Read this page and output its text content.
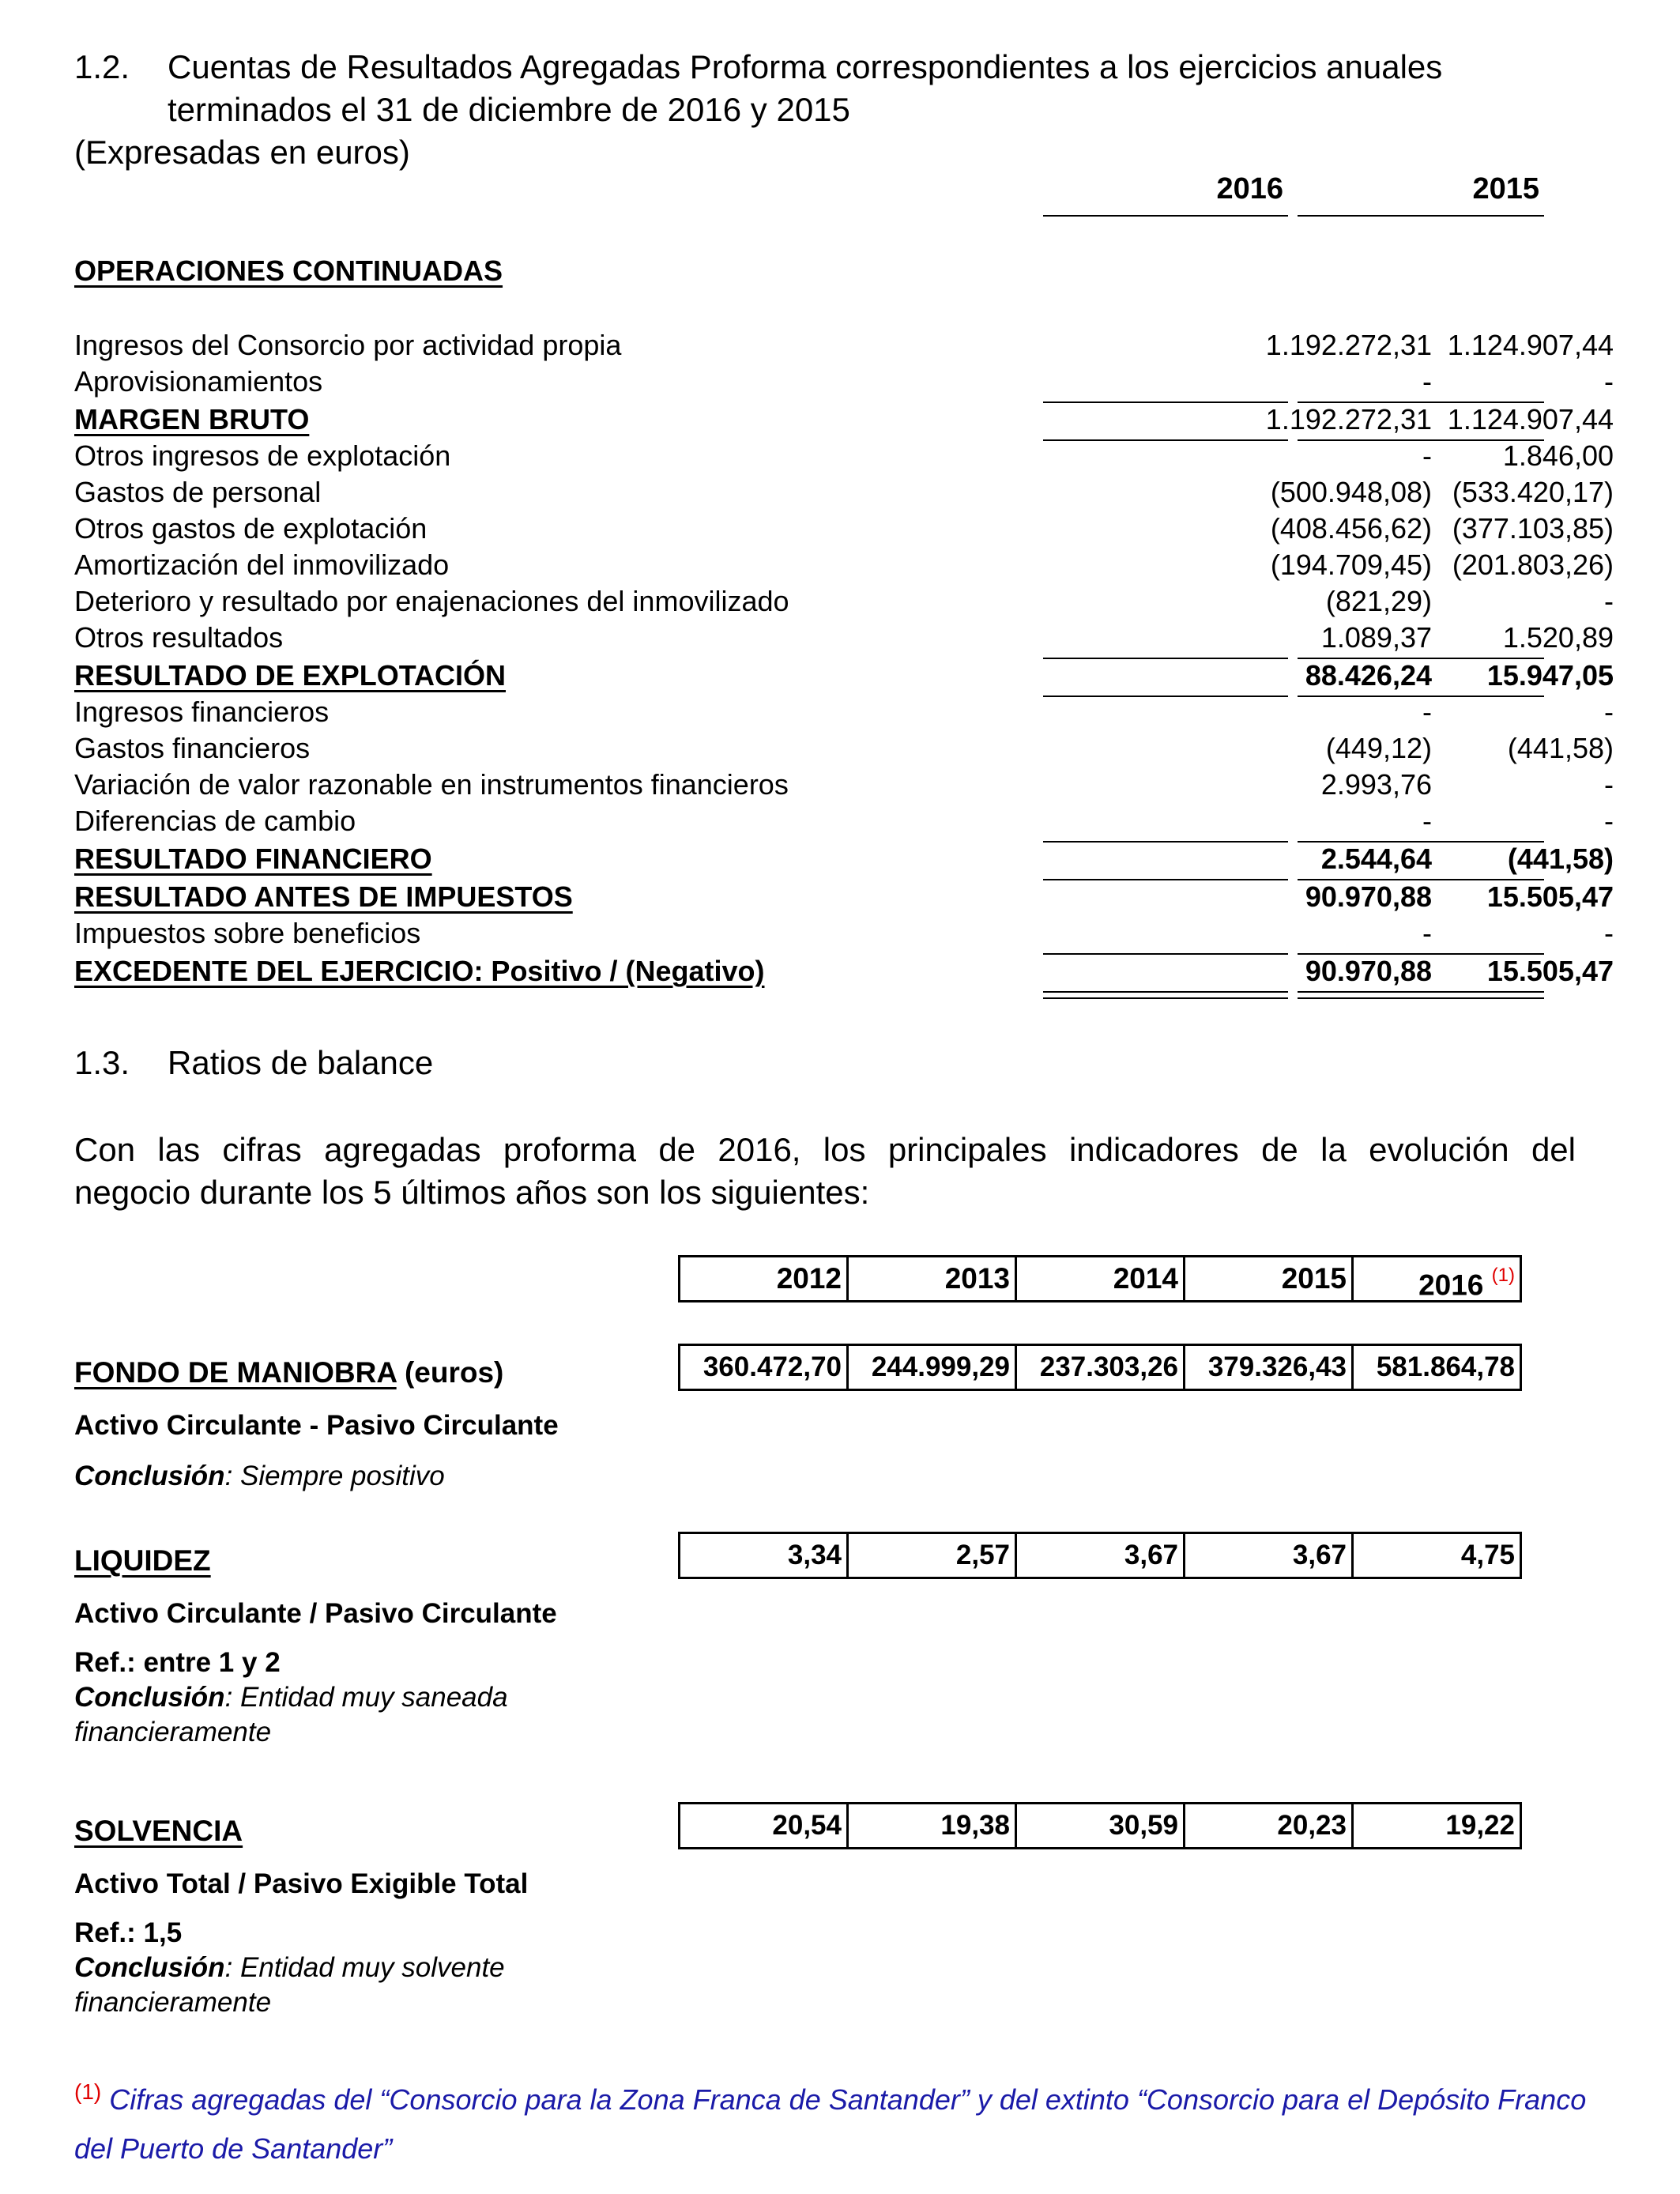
1.2. Cuentas de Resultados Agregadas Proforma correspondientes a los ejercicios anuales
terminados el 31 de diciembre de 2016 y 2015
(Expresadas en euros)
2016	2015
OPERACIONES CONTINUADAS
Ingresos del Consorcio por actividad propia	1.192.272,31 1.124.907,44
Aprovisionamientos	-	-
MARGEN BRUTO	1.192.272,31 1.124.907,44
Otros ingresos de explotación	- 1.846,00
Gastos de personal	(500.948,08) (533.420,17)
Otros gastos de explotación	(408.456,62) (377.103,85)
Amortización del inmovilizado	(194.709,45) (201.803,26)
Deterioro y resultado por enajenaciones del inmovilizado	(821,29)	-
Otros resultados	1.089,37 1.520,89
RESULTADO DE EXPLOTACIÓN	88.426,24 15.947,05
Ingresos financieros	-	-
Gastos financieros	(449,12)	(441,58)
Variación de valor razonable en instrumentos financieros	2.993,76	-
Diferencias de cambio	-	-
RESULTADO FINANCIERO	2.544,64	(441,58)
RESULTADO ANTES DE IMPUESTOS	90.970,88 15.505,47
Impuestos sobre beneficios	-	-
EXCEDENTE DEL EJERCICIO: Positivo / (Negativo)	90.970,88 15.505,47
1.3. Ratios de balance
Con las cifras agregadas proforma de 2016, los principales indicadores de la evolución del
negocio durante los 5 últimos años son los siguientes:
2012	2013	2014	2015	2016 $^{(1)}$
FONDO DE MANIOBRA (euros)	360.472,70	244.999,29	237.303,26	379.326,43	581.864,78
Activo Circulante - Pasivo Circulante
Conclusión: Siempre positivo
LIQUIDEZ	3,34	2,57	3,67	3,67	4,75
Activo Circulante / Pasivo Circulante
Ref.: entre 1 y 2
Conclusión: Entidad muy saneada financieramente
SOLVENCIA	20,54	19,38	30,59	20,23	19,22
Activo Total / Pasivo Exigible Total
Ref.: 1,5
Conclusión: Entidad muy solvente financieramente
$^{(1)}$ Cifras agregadas del “Consorcio para la Zona Franca de Santander” y del extinto “Consorcio para el Depósito Franco del Puerto de Santander”
